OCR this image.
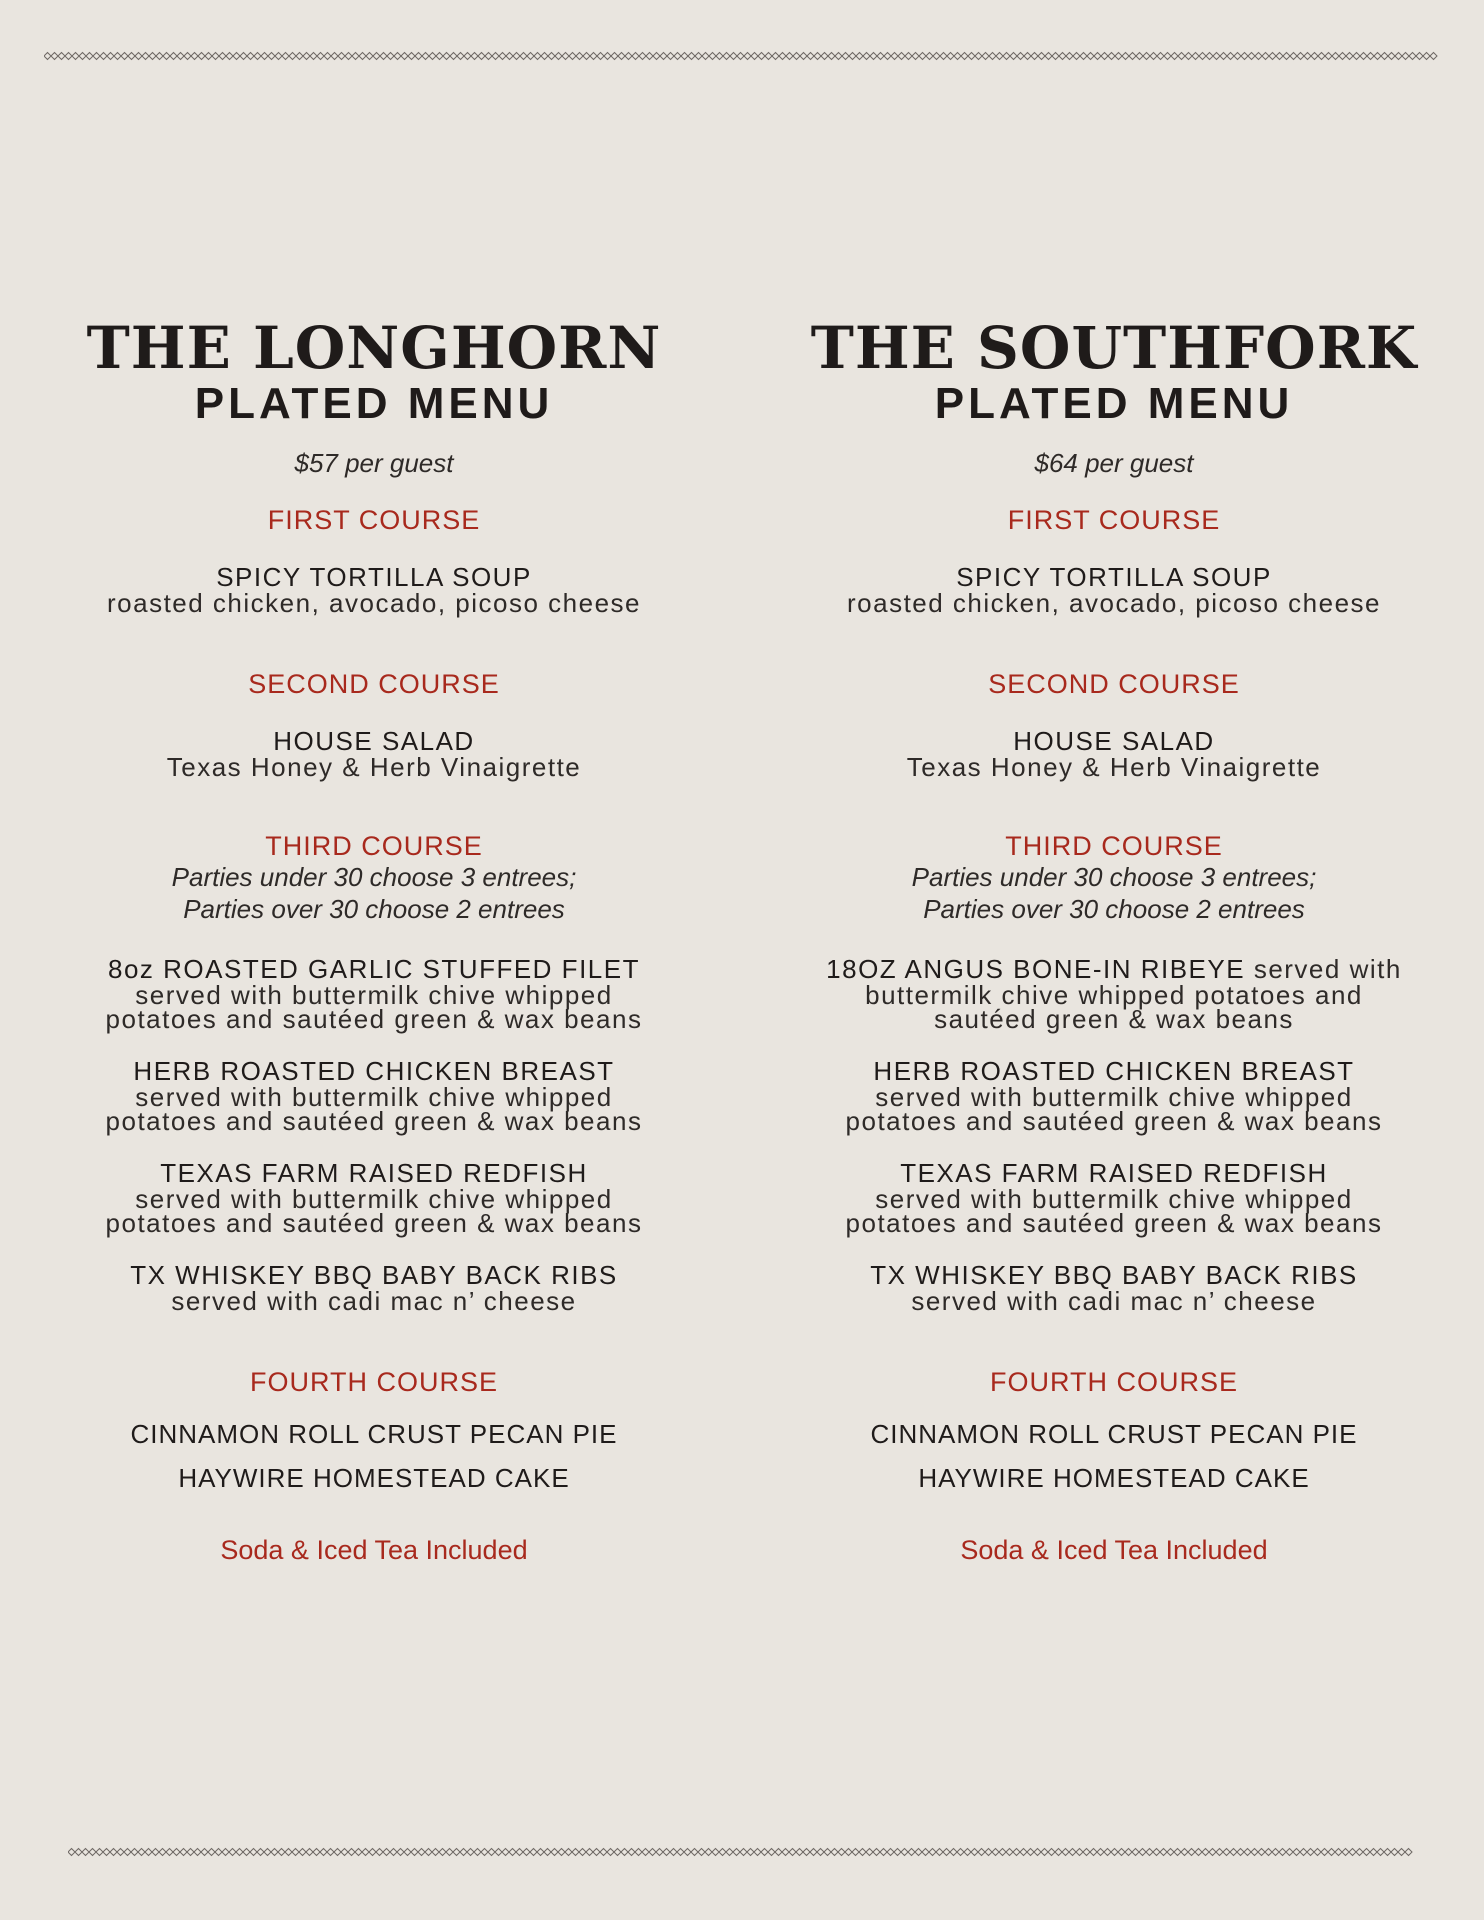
THE LONGHORN
PLATED MENU
$57 per guest
FIRST COURSE
SPICY TORTILLA SOUP
roasted chicken, avocado, picoso cheese
SECOND COURSE
HOUSE SALAD
Texas Honey & Herb Vinaigrette
THIRD COURSE
Parties under 30 choose 3 entrees;
Parties over 30 choose 2 entrees
8oz ROASTED GARLIC STUFFED FILET
served with buttermilk chive whipped
potatoes and sautéed green & wax beans
HERB ROASTED CHICKEN BREAST
served with buttermilk chive whipped
potatoes and sautéed green & wax beans
TEXAS FARM RAISED REDFISH
served with buttermilk chive whipped
potatoes and sautéed green & wax beans
TX WHISKEY BBQ BABY BACK RIBS
served with cadi mac n’ cheese
FOURTH COURSE
CINNAMON ROLL CRUST PECAN PIE
HAYWIRE HOMESTEAD CAKE
Soda & Iced Tea Included
THE SOUTHFORK
PLATED MENU
$64 per guest
FIRST COURSE
SPICY TORTILLA SOUP
roasted chicken, avocado, picoso cheese
SECOND COURSE
HOUSE SALAD
Texas Honey & Herb Vinaigrette
THIRD COURSE
Parties under 30 choose 3 entrees;
Parties over 30 choose 2 entrees
18OZ ANGUS BONE-IN RIBEYE served with
buttermilk chive whipped potatoes and
sautéed green & wax beans
HERB ROASTED CHICKEN BREAST
served with buttermilk chive whipped
potatoes and sautéed green & wax beans
TEXAS FARM RAISED REDFISH
served with buttermilk chive whipped
potatoes and sautéed green & wax beans
TX WHISKEY BBQ BABY BACK RIBS
served with cadi mac n’ cheese
FOURTH COURSE
CINNAMON ROLL CRUST PECAN PIE
HAYWIRE HOMESTEAD CAKE
Soda & Iced Tea Included
